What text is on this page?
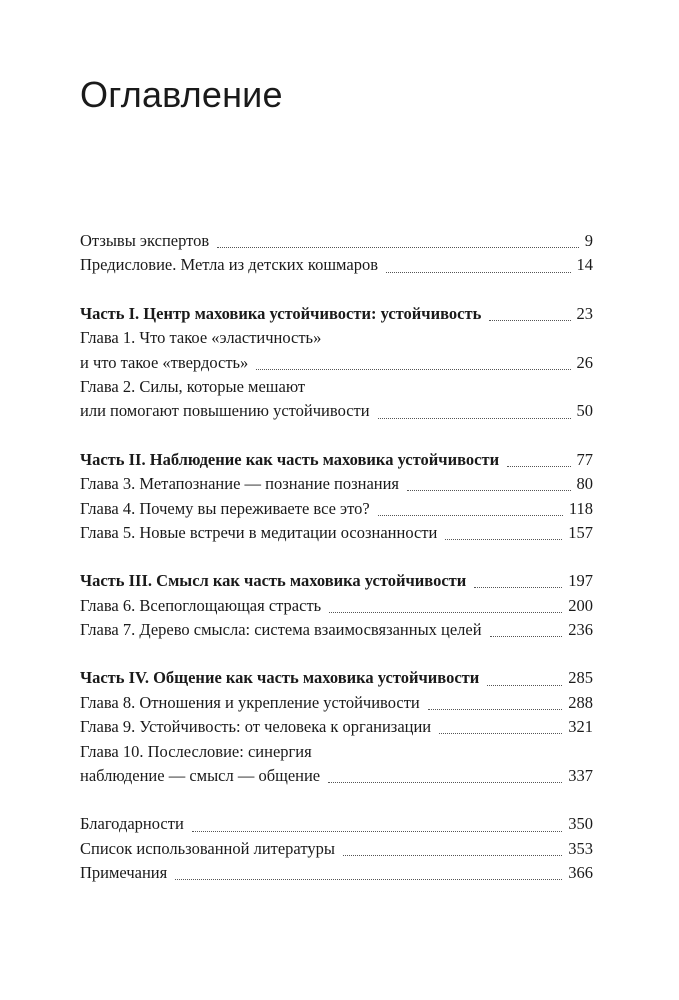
Оглавление
Отзывы экспертов	9
Предисловие. Метла из детских кошмаров	14
Часть I. Центр маховика устойчивости: устойчивость	23
Глава 1. Что такое «эластичность»
и что такое «твердость»	26
Глава 2. Силы, которые мешают
или помогают повышению устойчивости	50
Часть II. Наблюдение как часть маховика устойчивости	77
Глава 3. Метапознание — познание познания	80
Глава 4. Почему вы переживаете все это?	118
Глава 5. Новые встречи в медитации осознанности	157
Часть III. Смысл как часть маховика устойчивости	197
Глава 6. Всепоглощающая страсть	200
Глава 7. Дерево смысла: система взаимосвязанных целей	236
Часть IV. Общение как часть маховика устойчивости	285
Глава 8. Отношения и укрепление устойчивости	288
Глава 9. Устойчивость: от человека к организации	321
Глава 10. Послесловие: синергия
наблюдение — смысл — общение	337
Благодарности	350
Список использованной литературы	353
Примечания	366
